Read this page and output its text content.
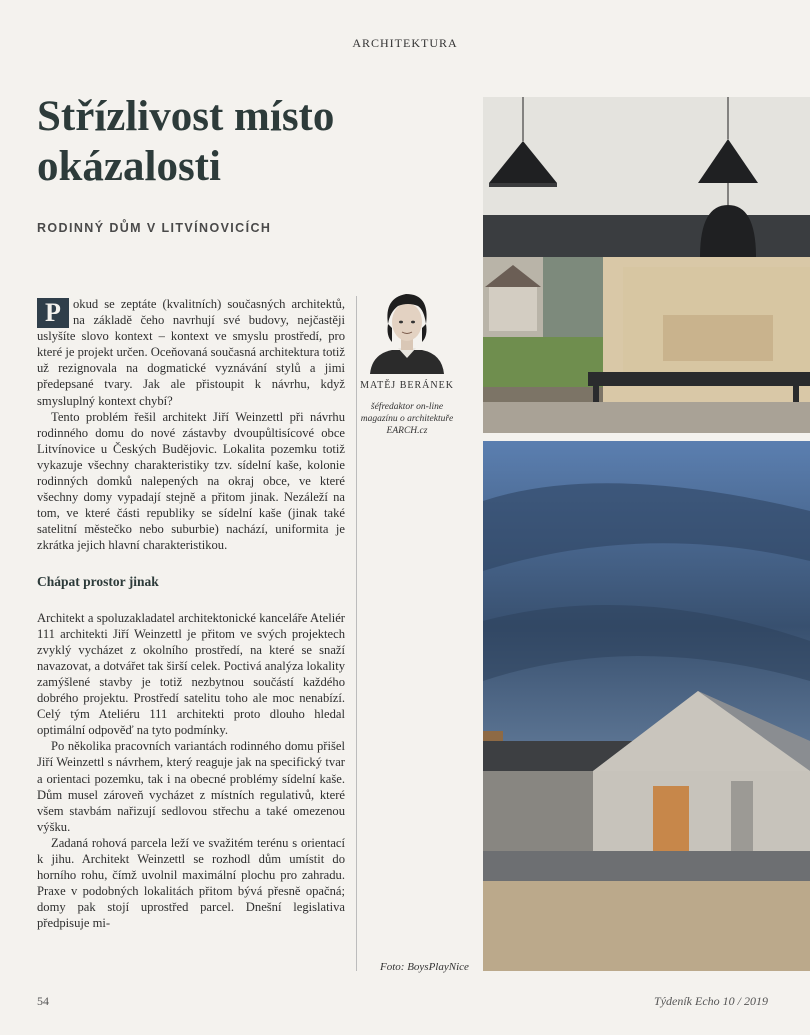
ARCHITEKTURA
Střízlivost místo okázalosti
RODINNÝ DŮM V LITVÍNOVICÍCH

P okud se zeptáte (kvalitních) současných architektů, na základě čeho navrhují své budovy, nejčastěji uslyšíte slovo kontext – kontext ve smyslu prostředí, pro které je projekt určen. Oceňovaná současná architektura totiž už rezignovala na dogmatické vyznávání stylů a jimi předepsané tvary. Jak ale přistoupit k návrhu, když smysluplný kontext chybí?

Tento problém řešil architekt Jiří Weinzettl při návrhu rodinného domu do nové zástavby dvoupůltisícové obce Litvínovice u Českých Budějovic. Lokalita pozemku totiž vykazuje všechny charakteristiky tzv. sídelní kaše, kolonie rodinných domků nalepených na okraj obce, ve které všechny domy vypadají stejně a přitom jinak. Nezáleží na tom, ve které části republiky se sídelní kaše (jinak také satelitní městečko nebo suburbie) nachází, uniformita je zkrátka jejich hlavní charakteristikou.

Chápat prostor jinak

Architekt a spoluzakladatel architektonické kanceláře Ateliér 111 architekti Jiří Weinzettl je přitom ve svých projektech zvyklý vycházet z okolního prostředí, na které se snaží navazovat, a dotvářet tak širší celek. Poctivá analýza lokality zamýšlené stavby je totiž nezbytnou součástí každého dobrého projektu. Prostředí satelitu toho ale moc nenabízí. Celý tým Ateliéru 111 architekti proto dlouho hledal optimální odpověď na tyto podmínky.

Po několika pracovních variantách rodinného domu přišel Jiří Weinzettl s návrhem, který reaguje jak na specifický tvar a orientaci pozemku, tak i na obecné problémy sídelní kaše. Dům musel zároveň vycházet z místních regulativů, které všem stavbám nařizují sedlovou střechu a také omezenou výšku.

Zadaná rohová parcela leží ve svažitém terénu s orientací k jihu. Architekt Weinzettl se rozhodl dům umístit do horního rohu, čímž uvolnil maximální plochu pro zahradu. Praxe v podobných lokalitách přitom bývá přesně opačná; domy pak stojí uprostřed parcel. Dnešní legislativa předpisuje mi-

MATĚJ BERÁNEK
šéfredaktor on-line
magazínu o architektuře
EARCH.cz
Foto: BoysPlayNice
54	Týdeník Echo 10 / 2019
